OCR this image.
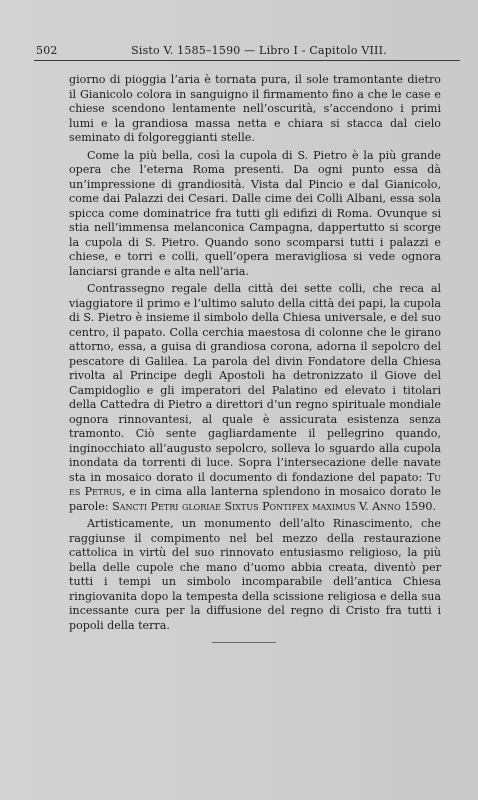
502	Sisto V. 1585–1590 — Libro I - Capitolo VIII.

giorno di pioggia l’aria è tornata pura, il sole tramontante dietro il Gianicolo colora in sanguigno il firmamento fino a che le case e chiese scendono lentamente nell’oscurità, s’accendono i primi lumi e la grandiosa massa netta e chiara si stacca dal cielo seminato di folgoreggianti stelle.

Come la più bella, così la cupola di S. Pietro è la più grande opera che l’eterna Roma presenti. Da ogni punto essa dà un’impressione di grandiosità. Vista dal Pincio e dal Gianicolo, come dai Palazzi dei Cesari. Dalle cime dei Colli Albani, essa sola spicca come dominatrice fra tutti gli edifizi di Roma. Ovunque si stia nell’immensa melanconica Campagna, dappertutto si scorge la cupola di S. Pietro. Quando sono scomparsi tutti i palazzi e chiese, e torri e colli, quell’opera meravigliosa si vede ognora lanciarsi grande e alta nell’aria.

Contrassegno regale della città dei sette colli, che reca al viaggiatore il primo e l’ultimo saluto della città dei papi, la cupola di S. Pietro è insieme il simbolo della Chiesa universale, e del suo centro, il papato. Colla cerchia maestosa di colonne che le girano attorno, essa, a guisa di grandiosa corona, adorna il sepolcro del pescatore di Galilea. La parola del divin Fondatore della Chiesa rivolta al Principe degli Apostoli ha detronizzato il Giove del Campidoglio e gli imperatori del Palatino ed elevato i titolari della Cattedra di Pietro a direttori d’un regno spirituale mondiale ognora rinnovantesi, al quale è assicurata esistenza senza tramonto. Ciò sente gagliardamente il pellegrino quando, inginocchiato all’augusto sepolcro, solleva lo sguardo alla cupola inondata da torrenti di luce. Sopra l’intersecazione delle navate sta in mosaico dorato il documento di fondazione del papato: Tu es Petrus, e in cima alla lanterna splendono in mosaico dorato le parole: Sancti Petri gloriae Sixtus Pontifex maximus V. Anno 1590.

Artisticamente, un monumento dell’alto Rinascimento, che raggiunse il compimento nel bel mezzo della restaurazione cattolica in virtù del suo rinnovato entusiasmo religioso, la più bella delle cupole che mano d’uomo abbia creata, diventò per tutti i tempi un simbolo incomparabile dell’antica Chiesa ringiovanita dopo la tempesta della scissione religiosa e della sua incessante cura per la diffusione del regno di Cristo fra tutti i popoli della terra.
